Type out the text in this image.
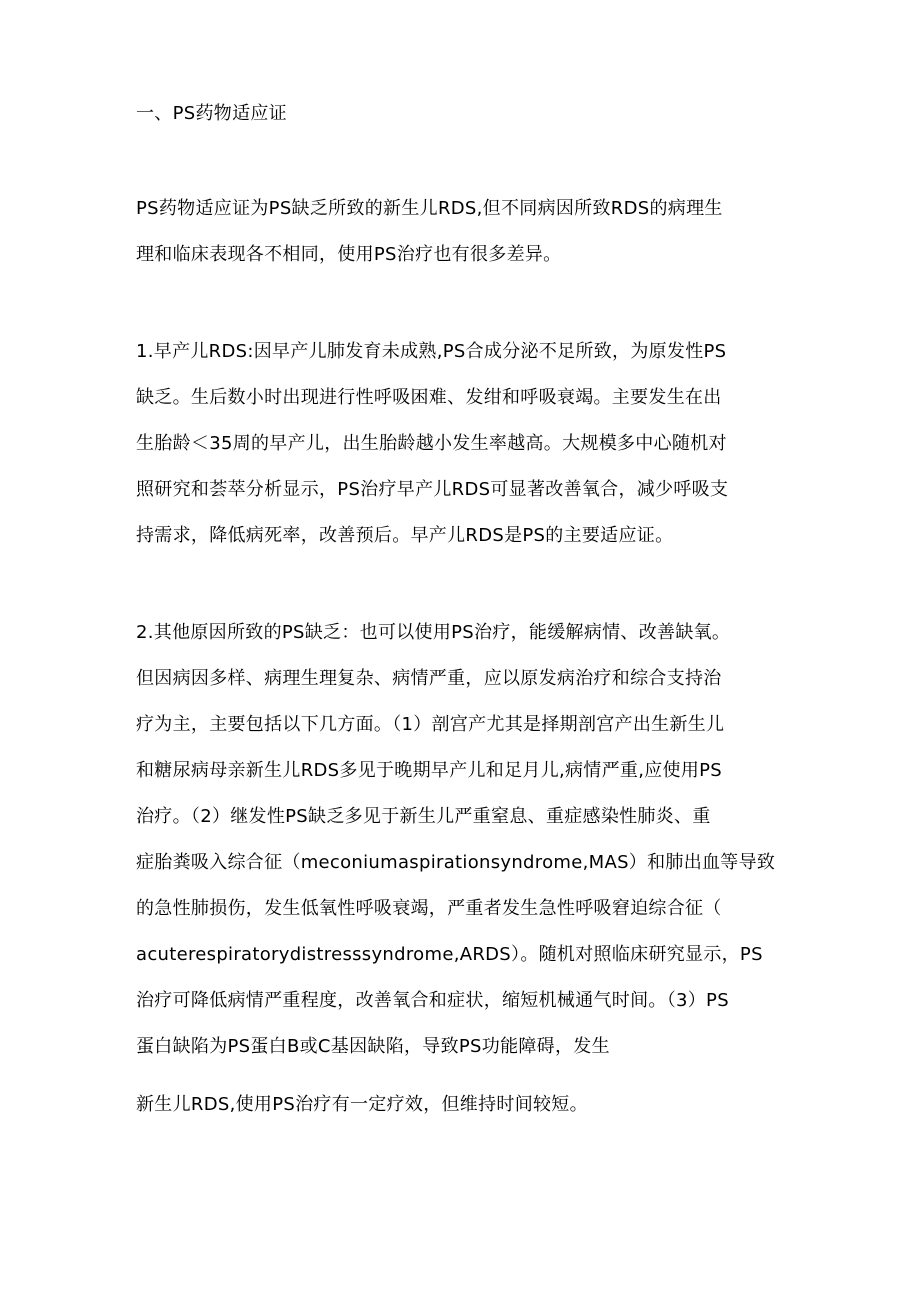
一、PS药物适应证
PS药物适应证为PS缺乏所致的新生儿RDS,但不同病因所致RDS的病理生
理和临床表现各不相同，使用PS治疗也有很多差异。
1.早产儿RDS:因早产儿肺发育未成熟,PS合成分泌不足所致，为原发性PS
缺乏。生后数小时出现进行性呼吸困难、发绀和呼吸衰竭。主要发生在出
生胎龄＜35周的早产儿，出生胎龄越小发生率越高。大规模多中心随机对
照研究和荟萃分析显示，PS治疗早产儿RDS可显著改善氧合，减少呼吸支
持需求，降低病死率，改善预后。早产儿RDS是PS的主要适应证。
2.其他原因所致的PS缺乏：也可以使用PS治疗，能缓解病情、改善缺氧。
但因病因多样、病理生理复杂、病情严重，应以原发病治疗和综合支持治
疗为主，主要包括以下几方面。（1）剖宫产尤其是择期剖宫产出生新生儿
和糖尿病母亲新生儿RDS多见于晚期早产儿和足月儿,病情严重,应使用PS
治疗。（2）继发性PS缺乏多见于新生儿严重窒息、重症感染性肺炎、重
症胎粪吸入综合征（meconiumaspirationsyndrome,MAS）和肺出血等导致
的急性肺损伤，发生低氧性呼吸衰竭，严重者发生急性呼吸窘迫综合征（
acuterespiratorydistresssyndrome,ARDS）。随机对照临床研究显示，PS
治疗可降低病情严重程度，改善氧合和症状，缩短机械通气时间。（3）PS
蛋白缺陷为PS蛋白B或C基因缺陷，导致PS功能障碍，发生
新生儿RDS,使用PS治疗有一定疗效，但维持时间较短。
